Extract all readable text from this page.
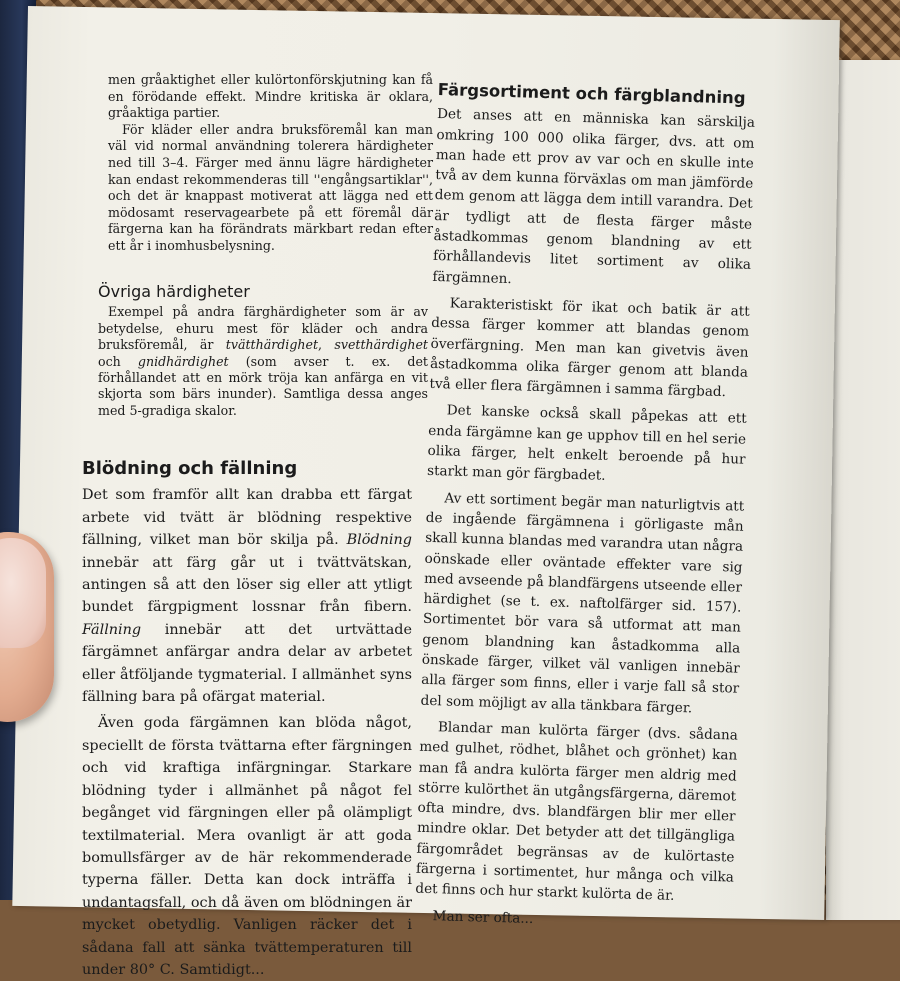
men gråaktighet eller kulörtonförskjutning kan få en förödande effekt. Mindre kritiska är oklara, gråaktiga partier.

För kläder eller andra bruksföremål kan man väl vid normal användning tolerera härdigheter ned till 3–4. Färger med ännu lägre härdigheter kan endast rekommenderas till ''engångsartiklar'', och det är knappast motiverat att lägga ned ett mödosamt reservagearbete på ett föremål där färgerna kan ha förändrats märkbart redan efter ett år i inomhusbelysning.

Övriga härdigheter

Exempel på andra färghärdigheter som är av betydelse, ehuru mest för kläder och andra bruksföremål, är tvätthärdighet, svetthärdighet och gnidhärdighet (som avser t. ex. det förhållandet att en mörk tröja kan anfärga en vit skjorta som bärs inunder). Samtliga dessa anges med 5-gradiga skalor.

Blödning och fällning

Det som framför allt kan drabba ett färgat arbete vid tvätt är blödning respektive fällning, vilket man bör skilja på. Blödning innebär att färg går ut i tvättvätskan, antingen så att den löser sig eller att ytligt bundet färgpigment lossnar från fibern. Fällning innebär att det urtvättade färgämnet anfärgar andra delar av arbetet eller åtföljande tygmaterial. I allmänhet syns fällning bara på ofärgat material.

Även goda färgämnen kan blöda något, speciellt de första tvättarna efter färgningen och vid kraftiga infärgningar. Starkare blödning tyder i allmänhet på något fel begånget vid färgningen eller på olämpligt textilmaterial. Mera ovanligt är att goda bomullsfärger av de här rekommenderade typerna fäller. Detta kan dock inträffa i undantagsfall, och då även om blödningen är mycket obetydlig. Vanligen räcker det i sådana fall att sänka tvättemperaturen till under 80° C. Samtidigt...

Färgsortiment och färgblandning

Det anses att en människa kan särskilja omkring 100 000 olika färger, dvs. att om man hade ett prov av var och en skulle inte två av dem kunna förväxlas om man jämförde dem genom att lägga dem intill varandra. Det är tydligt att de flesta färger måste åstadkommas genom blandning av ett förhållandevis litet sortiment av olika färgämnen.

Karakteristiskt för ikat och batik är att dessa färger kommer att blandas genom överfärgning. Men man kan givetvis även åstadkomma olika färger genom att blanda två eller flera färgämnen i samma färgbad.

Det kanske också skall påpekas att ett enda färgämne kan ge upphov till en hel serie olika färger, helt enkelt beroende på hur starkt man gör färgbadet.

Av ett sortiment begär man naturligtvis att de ingående färgämnena i görligaste mån skall kunna blandas med varandra utan några oönskade eller oväntade effekter vare sig med avseende på blandfärgens utseende eller härdighet (se t. ex. naftolfärger sid. 157). Sortimentet bör vara så utformat att man genom blandning kan åstadkomma alla önskade färger, vilket väl vanligen innebär alla färger som finns, eller i varje fall så stor del som möjligt av alla tänkbara färger.

Blandar man kulörta färger (dvs. sådana med gulhet, rödhet, blåhet och grönhet) kan man få andra kulörta färger men aldrig med större kulörthet än utgångsfärgerna, däremot ofta mindre, dvs. blandfärgen blir mer eller mindre oklar. Det betyder att det tillgängliga färgområdet begränsas av de kulörtaste färgerna i sortimentet, hur många och vilka det finns och hur starkt kulörta de är.

Man ser ofta...
